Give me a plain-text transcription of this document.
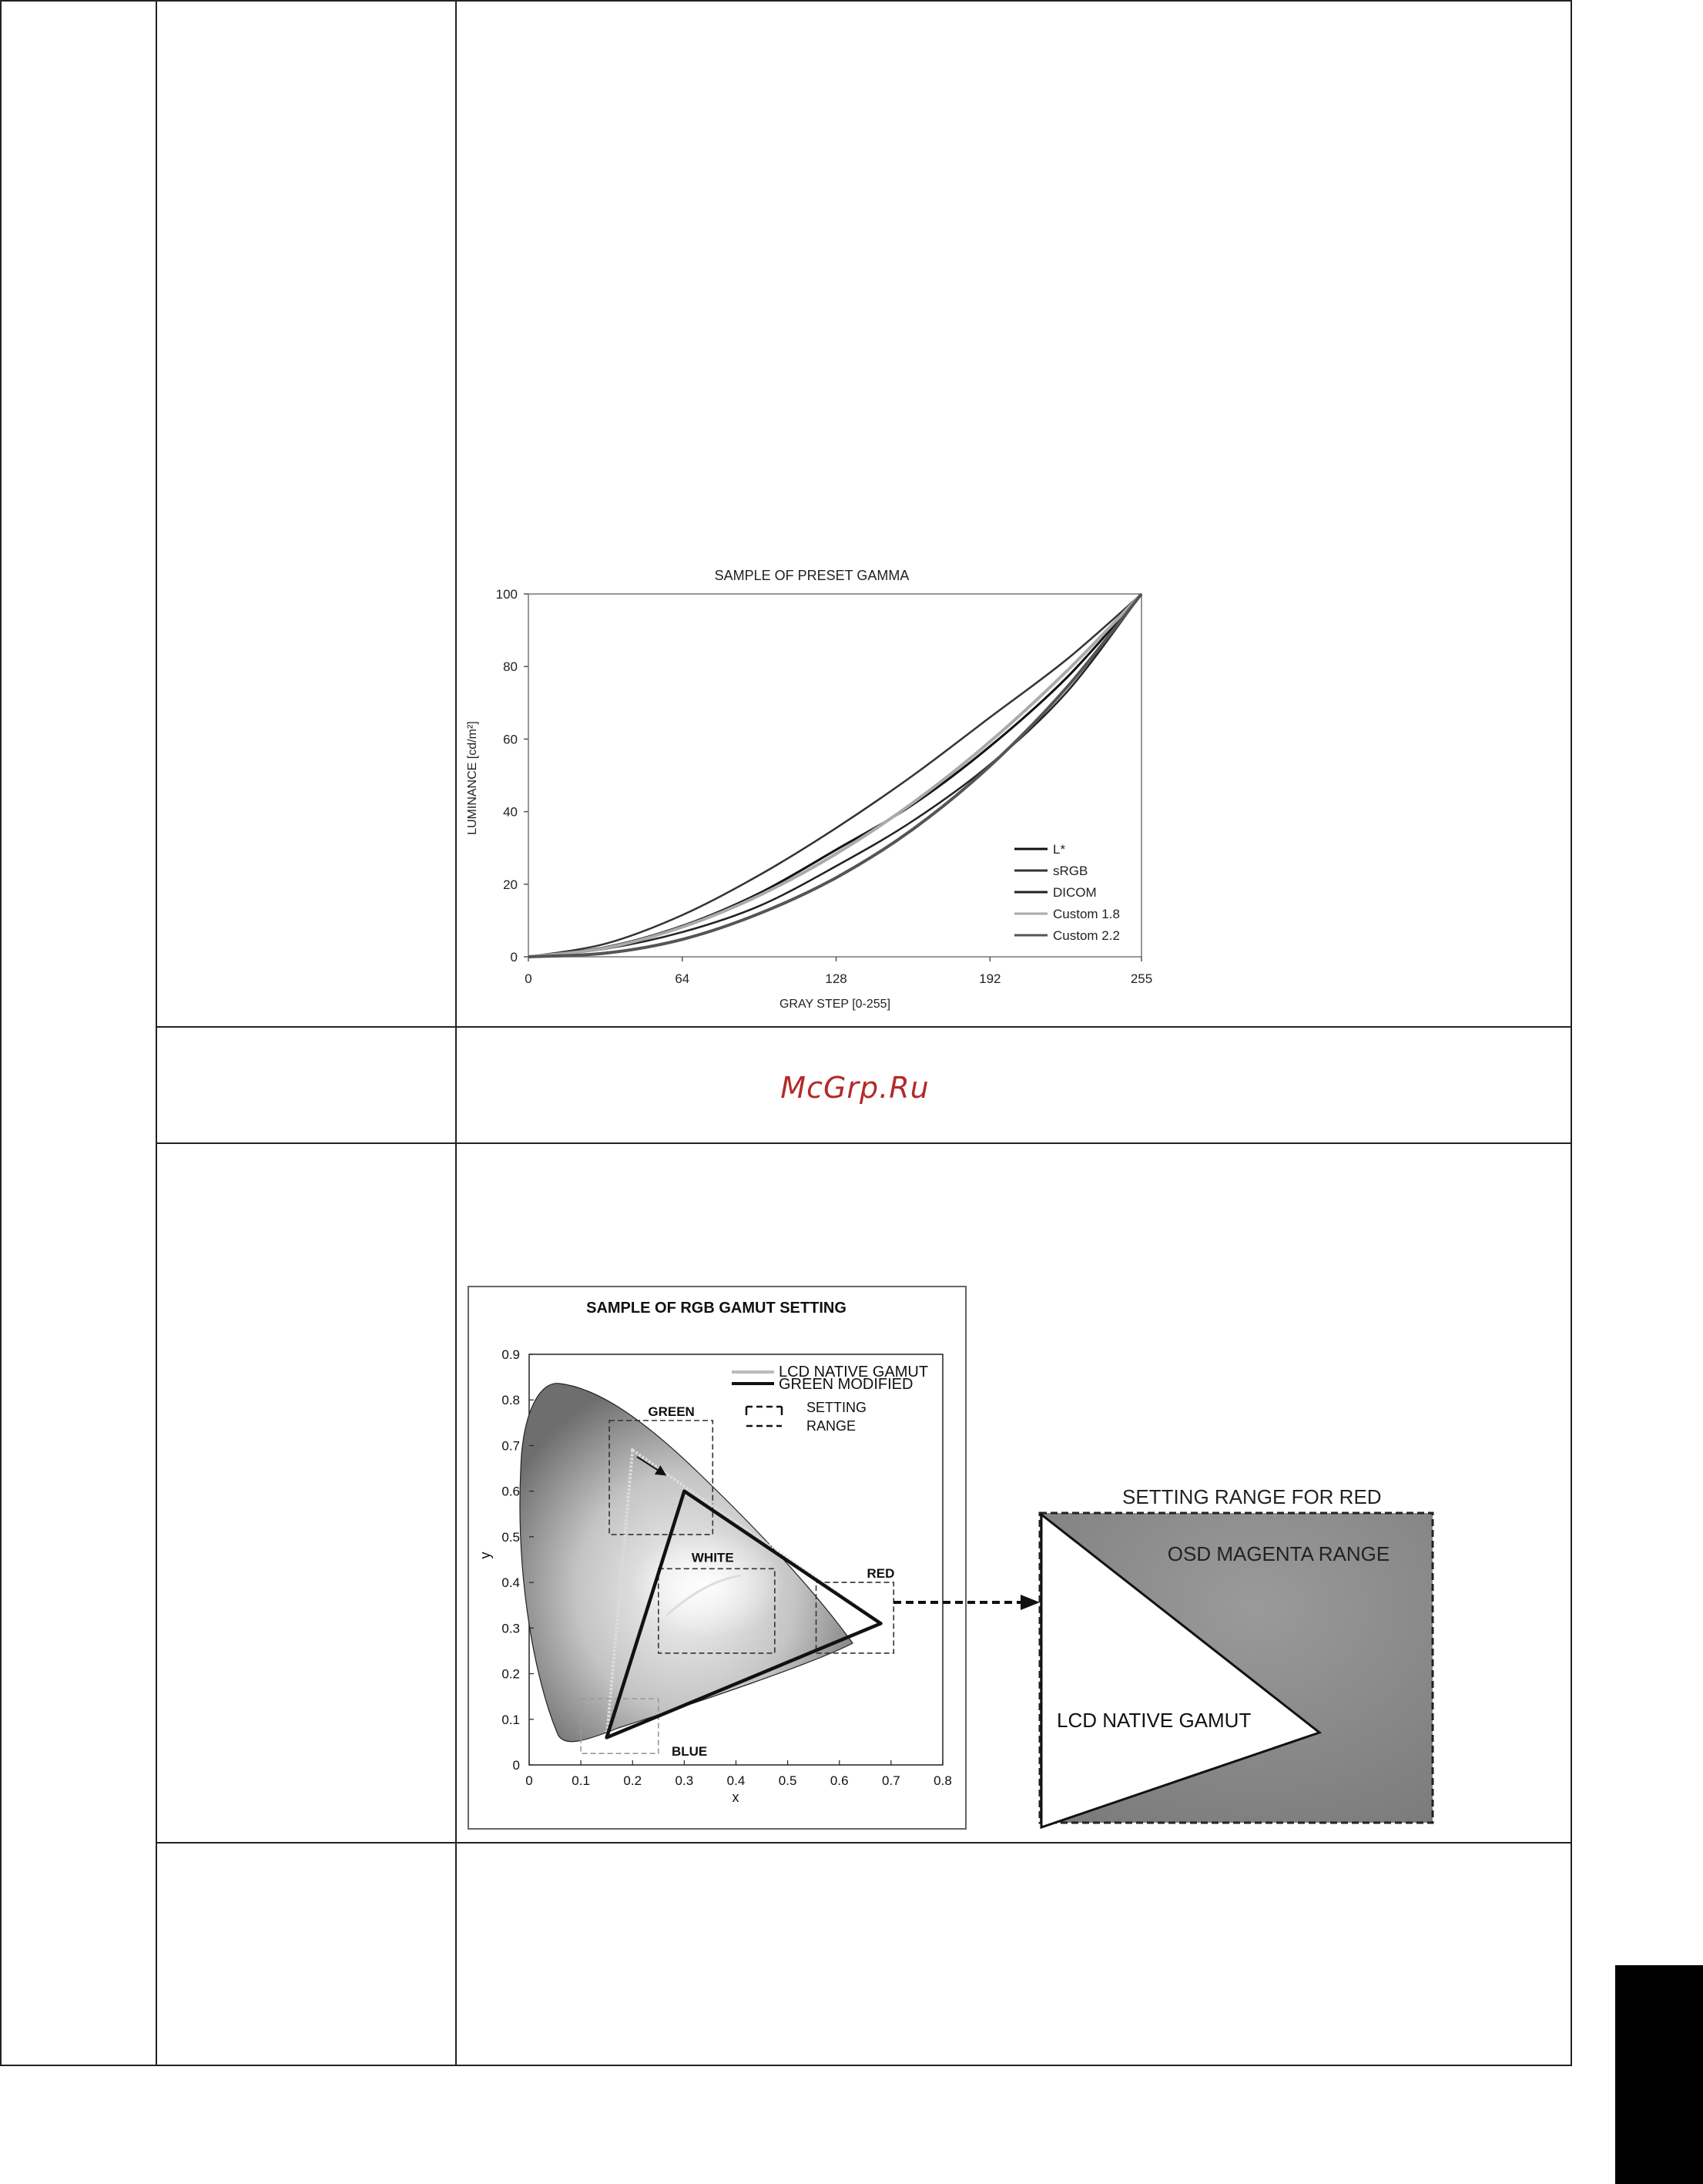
McGrp.Ru
SAMPLE OF PRESET GAMMA
0
20
40
60
80
100
0	64	128	192	255
L*
sRGB
DICOM
Custom 1.8
Custom 2.2
GRAY STEP [0-255]
LUMINANCE [cd/m²]
SAMPLE OF RGB GAMUT SETTING
0
0.1
0.2
0.3
0.4
0.5
0.6
0.7
0.8
0.9
0	0.1	0.2	0.3	0.4	0.5	0.6	0.7	0.8
GREEN
WHITE
RED
BLUE
LCD NATIVE GAMUT
GREEN MODIFIED
SETTING
RANGE
x
y
SETTING RANGE FOR RED
OSD MAGENTA RANGE
LCD NATIVE GAMUT
